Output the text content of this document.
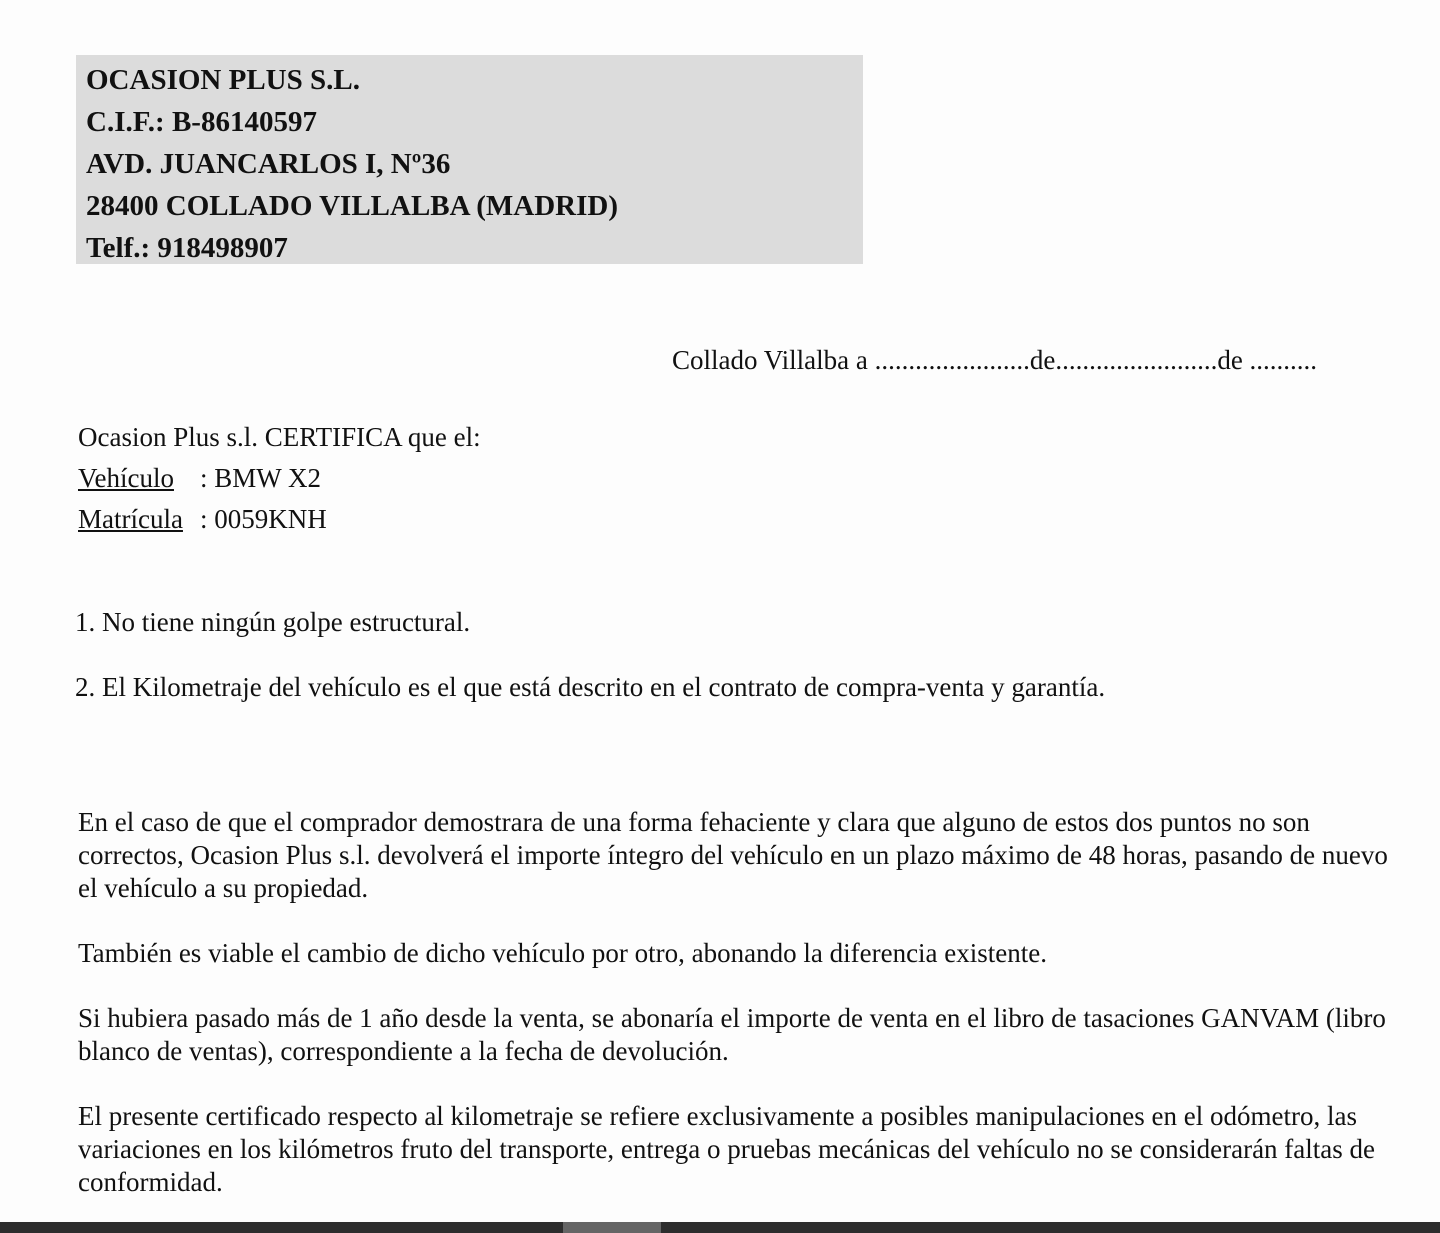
OCASION PLUS S.L.
C.I.F.: B-86140597
AVD. JUANCARLOS I, Nº36
28400 COLLADO VILLALBA (MADRID)
Telf.: 918498907
Collado Villalba a .......................de........................de ..........
Ocasion Plus s.l. CERTIFICA que el:
Vehículo : BMW X2
Matrícula : 0059KNH
1. No tiene ningún golpe estructural.
2. El Kilometraje del vehículo es el que está descrito en el contrato de compra-venta y garantía.

En el caso de que el comprador demostrara de una forma fehaciente y clara que alguno de estos dos puntos no son correctos, Ocasion Plus s.l. devolverá el importe íntegro del vehículo en un plazo máximo de 48 horas, pasando de nuevo el vehículo a su propiedad.

También es viable el cambio de dicho vehículo por otro, abonando la diferencia existente.

Si hubiera pasado más de 1 año desde la venta, se abonaría el importe de venta en el libro de tasaciones GANVAM (libro blanco de ventas), correspondiente a la fecha de devolución.

El presente certificado respecto al kilometraje se refiere exclusivamente a posibles manipulaciones en el odómetro, las variaciones en los kilómetros fruto del transporte, entrega o pruebas mecánicas del vehículo no se considerarán faltas de conformidad.
